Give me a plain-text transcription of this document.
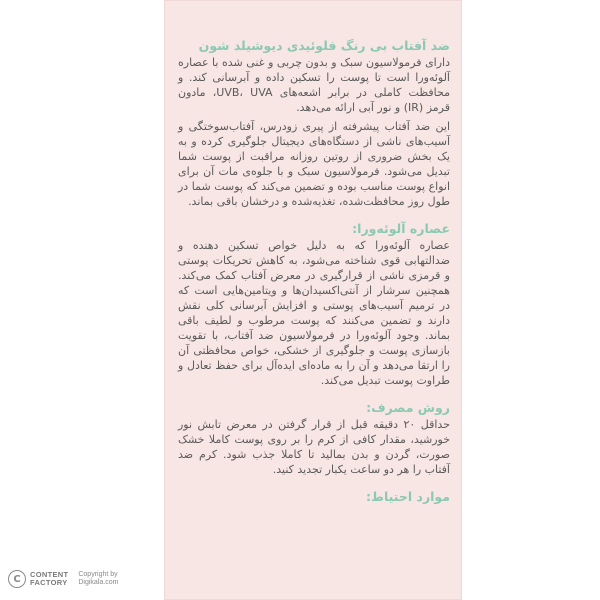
ضد آفتاب بی رنگ فلوئیدی دیوشیلد شون
دارای فرمولاسیون سبک و بدون چربی و غنی شده با عصاره آلوئه‌ورا است تا پوست را تسکین داده و آبرسانی کند. و محافظت کاملی در برابر اشعه‌های UVB، UVA، مادون قرمز (IR) و نور آبی ارائه می‌دهد.
این ضد آفتاب پیشرفته از پیری زودرس، آفتاب‌سوختگی و آسیب‌های ناشی از دستگاه‌های دیجیتال جلوگیری کرده و به یک بخش ضروری از روتین روزانه مراقبت از پوست شما تبدیل می‌شود. فرمولاسیون سبک و با جلوه‌ی مات آن برای انواع پوست مناسب بوده و تضمین می‌کند که پوست شما در طول روز محافظت‌شده، تغذیه‌شده و درخشان باقی بماند.
عصاره آلوئه‌ورا:
عصاره آلوئه‌ورا که به دلیل خواص تسکین دهنده و ضدالتهابی قوی شناخته می‌شود، به کاهش تحریکات پوستی و قرمزی ناشی از قرارگیری در معرض آفتاب کمک می‌کند. همچنین سرشار از آنتی‌اکسیدان‌ها و ویتامین‌هایی است که در ترمیم آسیب‌های پوستی و افزایش آبرسانی کلی نقش دارند و تضمین می‌کنند که پوست مرطوب و لطیف باقی بماند. وجود آلوئه‌ورا در فرمولاسیون ضد آفتاب، با تقویت بازسازی پوست و جلوگیری از خشکی، خواص محافظتی آن را ارتقا می‌دهد و آن را به ماده‌ای ایده‌آل برای حفظ تعادل و طراوت پوست تبدیل می‌کند.
روش مصرف:
حداقل ۲۰ دقیقه قبل از قرار گرفتن در معرض تابش نور خورشید، مقدار کافی از کرم را بر روی پوست کاملا خشک صورت، گردن و بدن بمالید تا کاملا جذب شود. کرم ضد آفتاب را هر دو ساعت یکبار تجدید کنید.
موارد احتیاط:
C	CONTENT
FACTORY
Copyright by
Digikala.com
